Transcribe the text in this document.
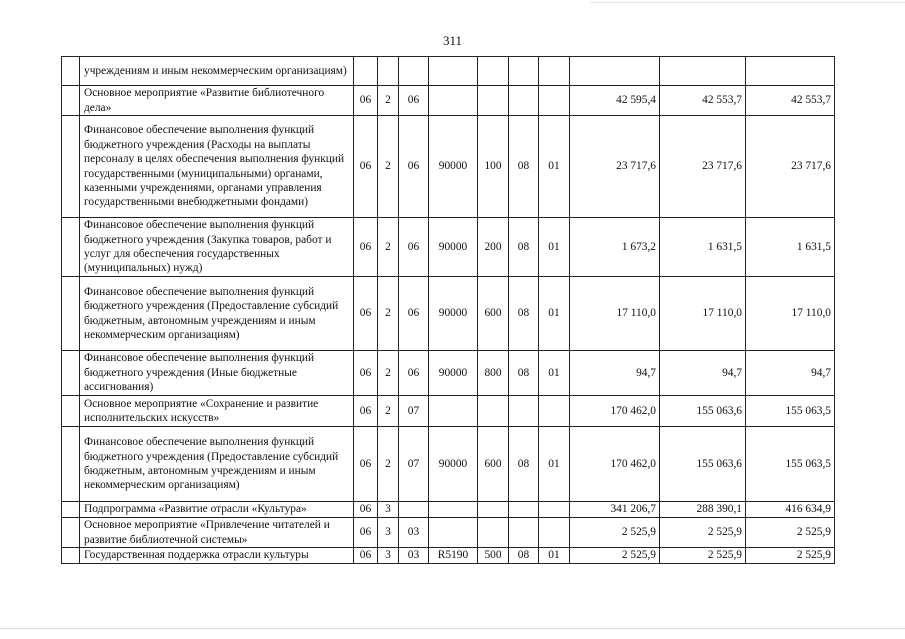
311
	учреждениям и иным некоммерческим организациям)										
	Основное мероприятие «Развитие библиотечного дела»	06	2	06					42 595,4	42 553,7	42 553,7
	Финансовое обеспечение выполнения функций бюджетного учреждения (Расходы на выплаты персоналу в целях обеспечения выполнения функций государственными (муниципальными) органами, казенными учреждениями, органами управления государственными внебюджетными фондами)	06	2	06	90000	100	08	01	23 717,6	23 717,6	23 717,6
	Финансовое обеспечение выполнения функций бюджетного учреждения (Закупка товаров, работ и услуг для обеспечения государственных (муниципальных) нужд)	06	2	06	90000	200	08	01	1 673,2	1 631,5	1 631,5
	Финансовое обеспечение выполнения функций бюджетного учреждения (Предоставление субсидий бюджетным, автономным учреждениям и иным некоммерческим организациям)	06	2	06	90000	600	08	01	17 110,0	17 110,0	17 110,0
	Финансовое обеспечение выполнения функций бюджетного учреждения (Иные бюджетные ассигнования)	06	2	06	90000	800	08	01	94,7	94,7	94,7
	Основное мероприятие «Сохранение и развитие исполнительских искусств»	06	2	07					170 462,0	155 063,6	155 063,5
	Финансовое обеспечение выполнения функций бюджетного учреждения (Предоставление субсидий бюджетным, автономным учреждениям и иным некоммерческим организациям)	06	2	07	90000	600	08	01	170 462,0	155 063,6	155 063,5
	Подпрограмма «Развитие отрасли «Культура»	06	3						341 206,7	288 390,1	416 634,9
	Основное мероприятие «Привлечение читателей и развитие библиотечной системы»	06	3	03					2 525,9	2 525,9	2 525,9
	Государственная поддержка отрасли культуры	06	3	03	R5190	500	08	01	2 525,9	2 525,9	2 525,9
